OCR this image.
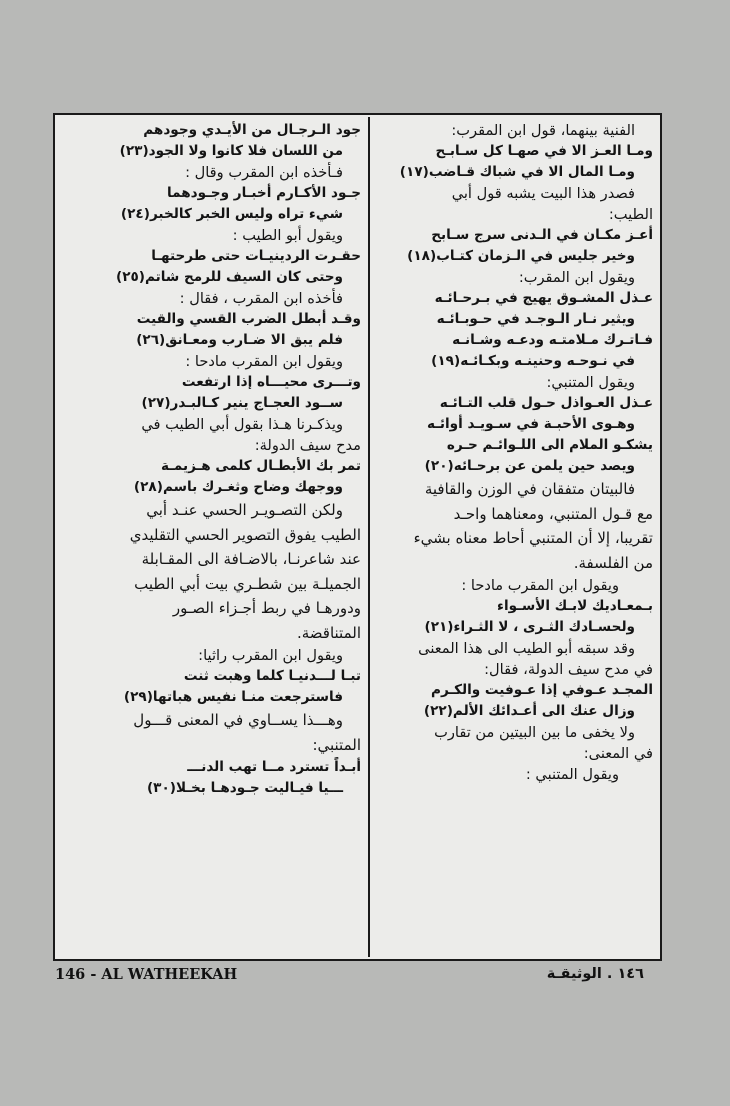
الفنية بينهما، قول ابن المقرب:
ومـا العـز الا في صهـا كل سـابـح
ومـا المال الا في شباك قـاضب(١٧)
فصدر هذا البيت يشبه قول أبي
الطيب:
أعـز مكـان في الـدنى سرج سـابح
وخير جليس في الـزمان كتـاب(١٨)
ويقول ابن المقرب:
عـذل المشـوق يهيج في بـرحـائـه
ويثير نـار الـوجـد في حـوبـائـه
فـاتـرك مـلامتـه ودعـه وشـانـه
في نـوحـه وحنينـه وبكـائـه(١٩)
ويقول المتنبي:
عـذل العـواذل حـول قلب التـائـه
وهـوى الأحبـة في سـويـد أوائـه
يشكـو الملام الى اللـوائـم حـره
ويصد حين يلمن عن برحـائه(٢٠)
فالبيتان متفقان في الوزن والقافية
مع قـول المتنبي، ومعناهما واحـد
تقريبا، إلا أن المتنبي أحاط معناه بشيء
من الفلسفة.
ويقول ابن المقرب مادحا :
بـمعـاديك لابـك الأسـواء
ولحسـادك الثـرى ، لا الثـراء(٢١)
وقد سبقه أبو الطيب الى هذا المعنى
في مدح سيف الدولة، فقال:
المجـد عـوفي إذا عـوفيت والكـرم
وزال عنك الى أعـدائك الألم(٢٢)
ولا يخفى ما بين البيتين من تقارب
في المعنى:
ويقول المتنبي :
جود الـرجـال من الأيـدي وجودهم
من اللسان فلا كانوا ولا الجود(٢٣)
فـأخذه ابن المقرب وقال :
جـود الأكـارم أخبـار وجـودهما
شيء تراه وليس الخبر كالخبر(٢٤)
ويقول أبو الطيب :
حقـرت الردينيـات حتى طرحتهـا
وحتى كان السيف للرمح شاتم(٢٥)
فأخذه ابن المقرب ، فقال :
وقـد أبطل الضرب القسي والقيت
فلم يبق الا ضـارب ومعـانق(٢٦)
ويقول ابن المقرب مادحا :
وتـــرى محيـــاه إذا ارتفعت
ســود العجـاج ينير كـالبـدر(٢٧)
ويذكـرنا هـذا بقول أبي الطيب في
مدح سيف الدولة:
تمر بك الأبطـال كلمى هـزيمـة
ووجهك وضاح وثغـرك باسم(٢٨)
ولكن التصـويـر الحسي عنـد أبي
الطيب يفوق التصوير الحسي التقليدي
عند شاعرنـا، بالاضـافة الى المقـابلة
الجميلـة بين شطـري بيت أبي الطيب
ودورهـا في ربط أجـزاء الصـور
المتناقضة.
ويقول ابن المقرب راثيا:
تبـا لـــدنيـا كلما وهبت ثنت
فاسترجعت منـا نفيس هباتها(٢٩)
وهـــذا يســاوي في المعنى قـــول
المتنبي:
أبـداً تسترد مــا تهب الدنـــ
ـــيا فيـاليت جـودهـا بخـلا(٣٠)
146 - AL WATHEEKAH	١٤٦ . الوثيقـة
